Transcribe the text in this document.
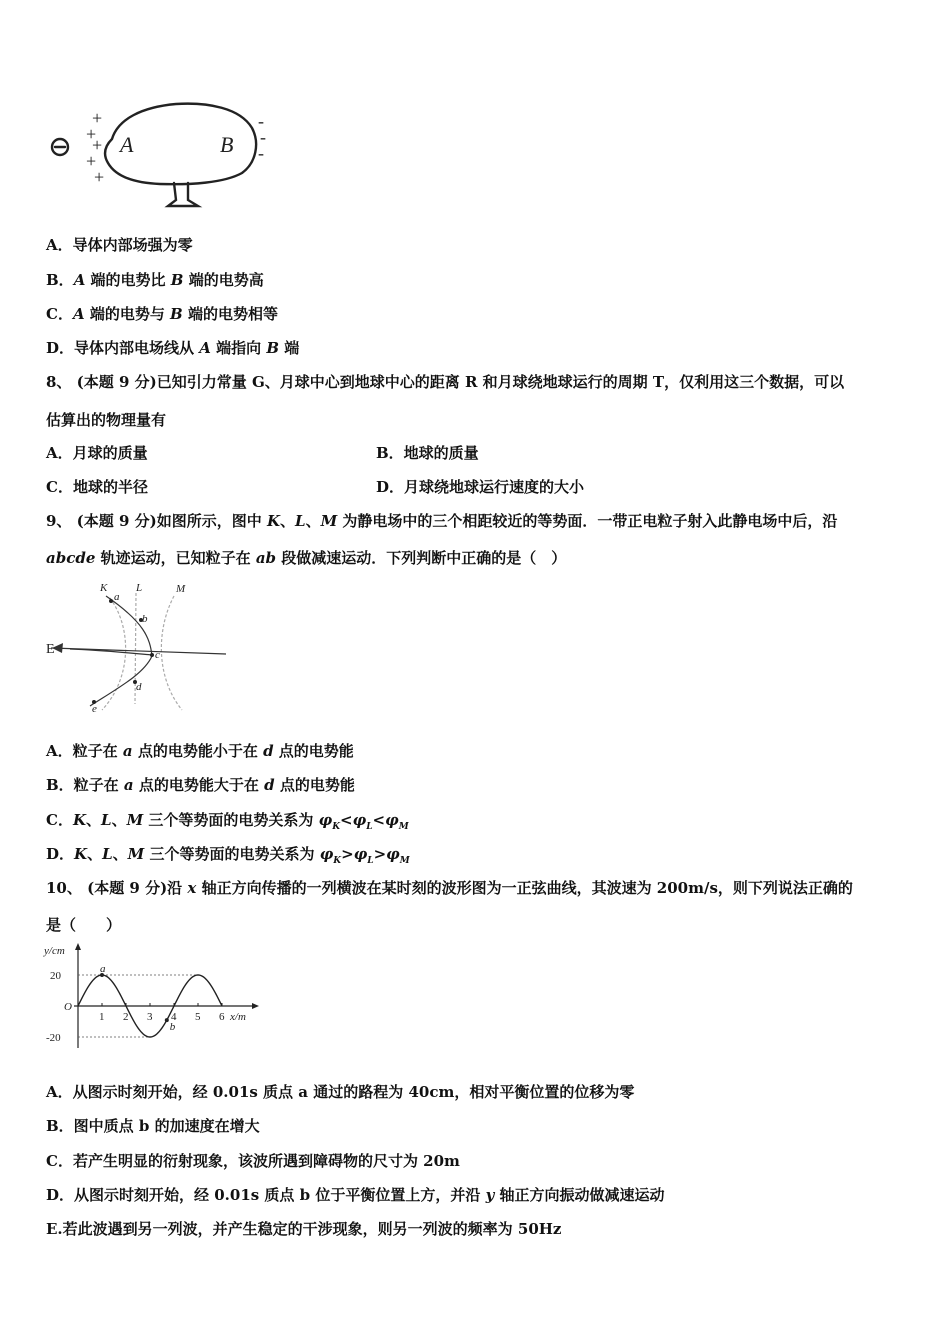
+
+
+
+
+
-
-
-
A	B
A．导体内部场强为零
B．A 端的电势比 B 端的电势高
C．A 端的电势与 B 端的电势相等
D．导体内部电场线从 A 端指向 B 端
8、 (本题 9 分)已知引力常量 G、月球中心到地球中心的距离 R 和月球绕地球运行的周期 T，仅利用这三个数据，可以
估算出的物理量有
A．月球的质量	B．地球的质量
C．地球的半径	D．月球绕地球运行速度的大小
9、 (本题 9 分)如图所示，图中 K、L、M 为静电场中的三个相距较近的等势面．一带正电粒子射入此静电场中后，沿
abcde 轨迹运动，已知粒子在 ab 段做减速运动．下列判断中正确的是（　）
K	L	M
a
b
c
d
e
E
A．粒子在 a 点的电势能小于在 d 点的电势能
B．粒子在 a 点的电势能大于在 d 点的电势能
C．K、L、M 三个等势面的电势关系为 $\varphi_K<\varphi_L<\varphi_M$
D．K、L、M 三个等势面的电势关系为 $\varphi_K>\varphi_L>\varphi_M$
10、 (本题 9 分)沿 x 轴正方向传播的一列横波在某时刻的波形图为一正弦曲线，其波速为 200m/s，则下列说法正确的
是（　　）
1 2 3 4 5 6
20
-20
O
x/m
y/cm
a
b
A．从图示时刻开始，经 0.01s 质点 a 通过的路程为 40cm，相对平衡位置的位移为零
B．图中质点 b 的加速度在增大
C．若产生明显的衍射现象，该波所遇到障碍物的尺寸为 20m
D．从图示时刻开始，经 0.01s 质点 b 位于平衡位置上方，并沿 y 轴正方向振动做减速运动
E.若此波遇到另一列波，并产生稳定的干涉现象，则另一列波的频率为 50Hz
